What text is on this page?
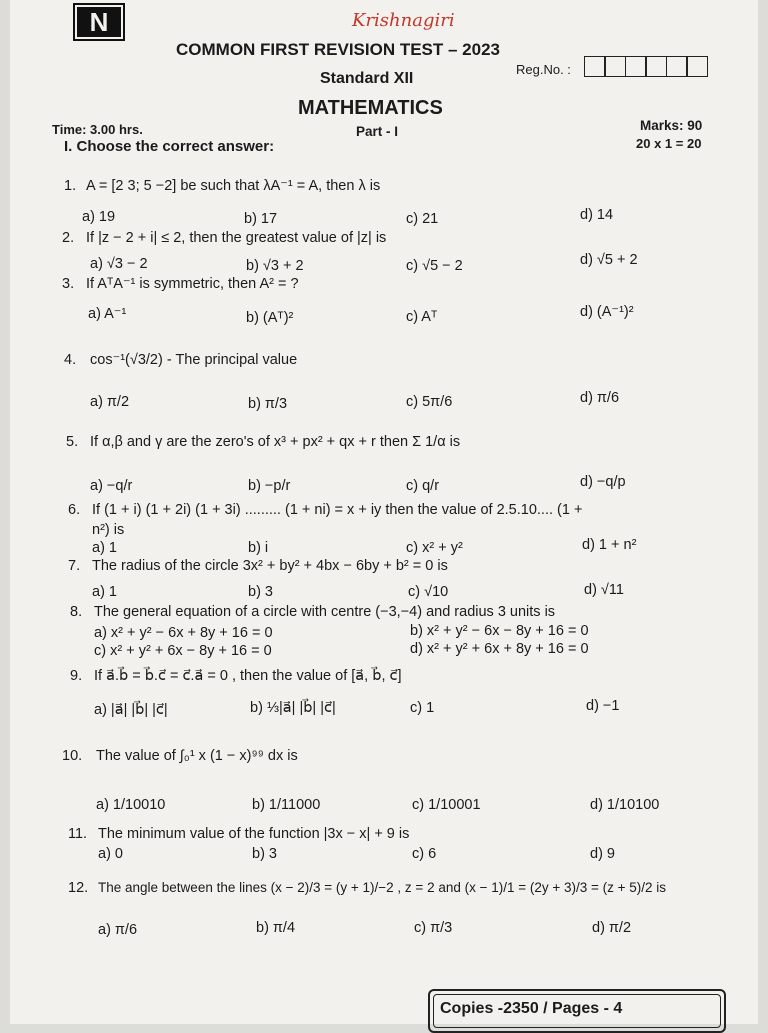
N	Krishnagiri
COMMON FIRST REVISION TEST – 2023
Standard XII
Reg.No. :
MATHEMATICS
Time: 3.00 hrs.	Part - I	Marks: 90
20 x 1 = 20
I. Choose the correct answer:
1. A = [2 3; 5 −2] be such that λA⁻¹ = A, then λ is
a) 19	b) 17	c) 21	d) 14
2. If |z − 2 + i| ≤ 2, then the greatest value of |z| is
a) √3 − 2	b) √3 + 2	c) √5 − 2	d) √5 + 2
3. If AᵀA⁻¹ is symmetric, then A² = ?
a) A⁻¹	b) (Aᵀ)²	c) Aᵀ	d) (A⁻¹)²
4. cos⁻¹(√3/2) - The principal value
a) π/2	b) π/3	c) 5π/6	d) π/6
5. If α,β and γ are the zero's of x³ + px² + qx + r then Σ 1/α is
a) −q/r	b) −p/r	c) q/r	d) −q/p
6. If (1 + i) (1 + 2i) (1 + 3i) ......... (1 + ni) = x + iy then the value of 2.5.10.... (1 +
n²) is
a) 1	b) i	c) x² + y²	d) 1 + n²
7. The radius of the circle 3x² + by² + 4bx − 6by + b² = 0 is
a) 1	b) 3	c) √10	d) √11
8. The general equation of a circle with centre (−3,−4) and radius 3 units is
a) x² + y² − 6x + 8y + 16 = 0	b) x² + y² − 6x − 8y + 16 = 0
c) x² + y² + 6x − 8y + 16 = 0	d) x² + y² + 6x + 8y + 16 = 0
9. If a⃗.b⃗ = b⃗.c⃗ = c⃗.a⃗ = 0 , then the value of [a⃗, b⃗, c⃗]
a) |a⃗| |b⃗| |c⃗|	b) ⅓|a⃗| |b⃗| |c⃗|	c) 1	d) −1
10. The value of ∫₀¹ x (1 − x)⁹⁹ dx is
a) 1/10010	b) 1/11000	c) 1/10001	d) 1/10100
11. The minimum value of the function |3x − x| + 9 is
a) 0	b) 3	c) 6	d) 9
12. The angle between the lines (x − 2)/3 = (y + 1)/−2 , z = 2 and (x − 1)/1 = (2y + 3)/3 = (z + 5)/2 is
a) π/6	b) π/4	c) π/3	d) π/2
Copies -2350 / Pages - 4
